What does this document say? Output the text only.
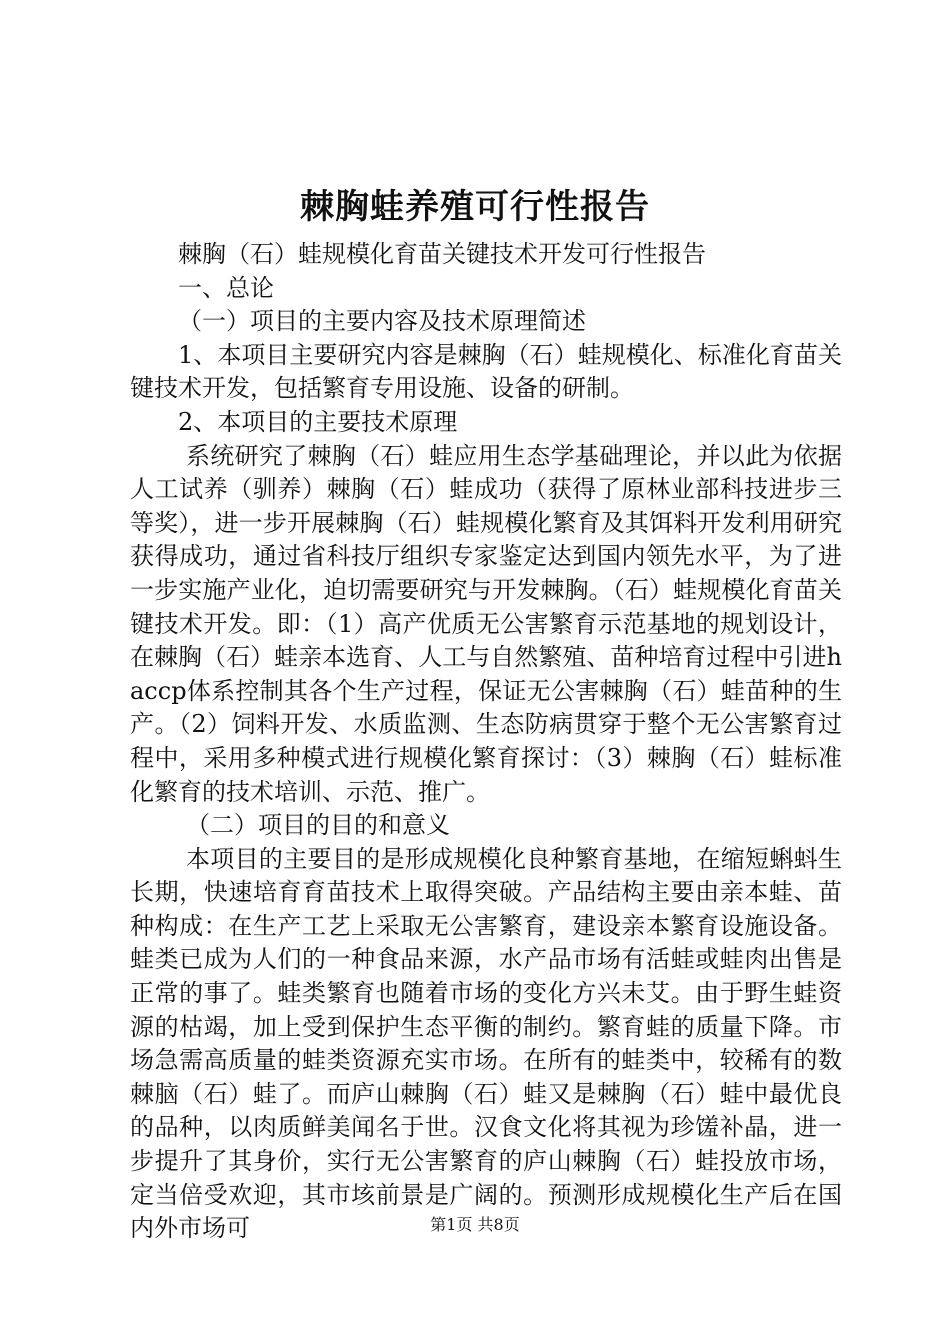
棘胸蛙养殖可行性报告

棘胸（石）蛙规模化育苗关键技术开发可行性报告

一、总论

（一）项目的主要内容及技术原理简述

1、本项目主要研究内容是棘胸（石）蛙规模化、标准化育苗关键技术开发，包括繁育专用设施、设备的研制。

2、本项目的主要技术原理

系统研究了棘胸（石）蛙应用生态学基础理论，并以此为依据人工试养（驯养）棘胸（石）蛙成功（获得了原林业部科技进步三等奖），进一步开展棘胸（石）蛙规模化繁育及其饵料开发利用研究获得成功，通过省科技厅组织专家鉴定达到国内领先水平，为了进一步实施产业化，迫切需要研究与开发棘胸。（石）蛙规模化育苗关键技术开发。即：（1）高产优质无公害繁育示范基地的规划设计，在棘胸（石）蛙亲本选育、人工与自然繁殖、苗种培育过程中引进haccp体系控制其各个生产过程，保证无公害棘胸（石）蛙苗种的生产。（2）饲料开发、水质监测、生态防病贯穿于整个无公害繁育过程中，采用多种模式进行规模化繁育探讨：（3）棘胸（石）蛙标准化繁育的技术培训、示范、推广。

（二）项目的目的和意义

本项目的主要目的是形成规模化良种繁育基地，在缩短蝌蚪生长期，快速培育育苗技术上取得突破。产品结构主要由亲本蛙、苗种构成：在生产工艺上采取无公害繁育，建设亲本繁育设施设备。蛙类已成为人们的一种食品来源，水产品市场有活蛙或蛙肉出售是正常的事了。蛙类繁育也随着市场的变化方兴未艾。由于野生蛙资源的枯竭，加上受到保护生态平衡的制约。繁育蛙的质量下降。市场急需高质量的蛙类资源充实市场。在所有的蛙类中，较稀有的数棘脑（石）蛙了。而庐山棘胸（石）蛙又是棘胸（石）蛙中最优良的品种，以肉质鲜美闻名于世。汉食文化将其视为珍馐补晶，进一步提升了其身价，实行无公害繁育的庐山棘胸（石）蛙投放市场，定当倍受欢迎，其市垓前景是广阔的。预测形成规模化生产后在国内外市场可	第1页 共8页
